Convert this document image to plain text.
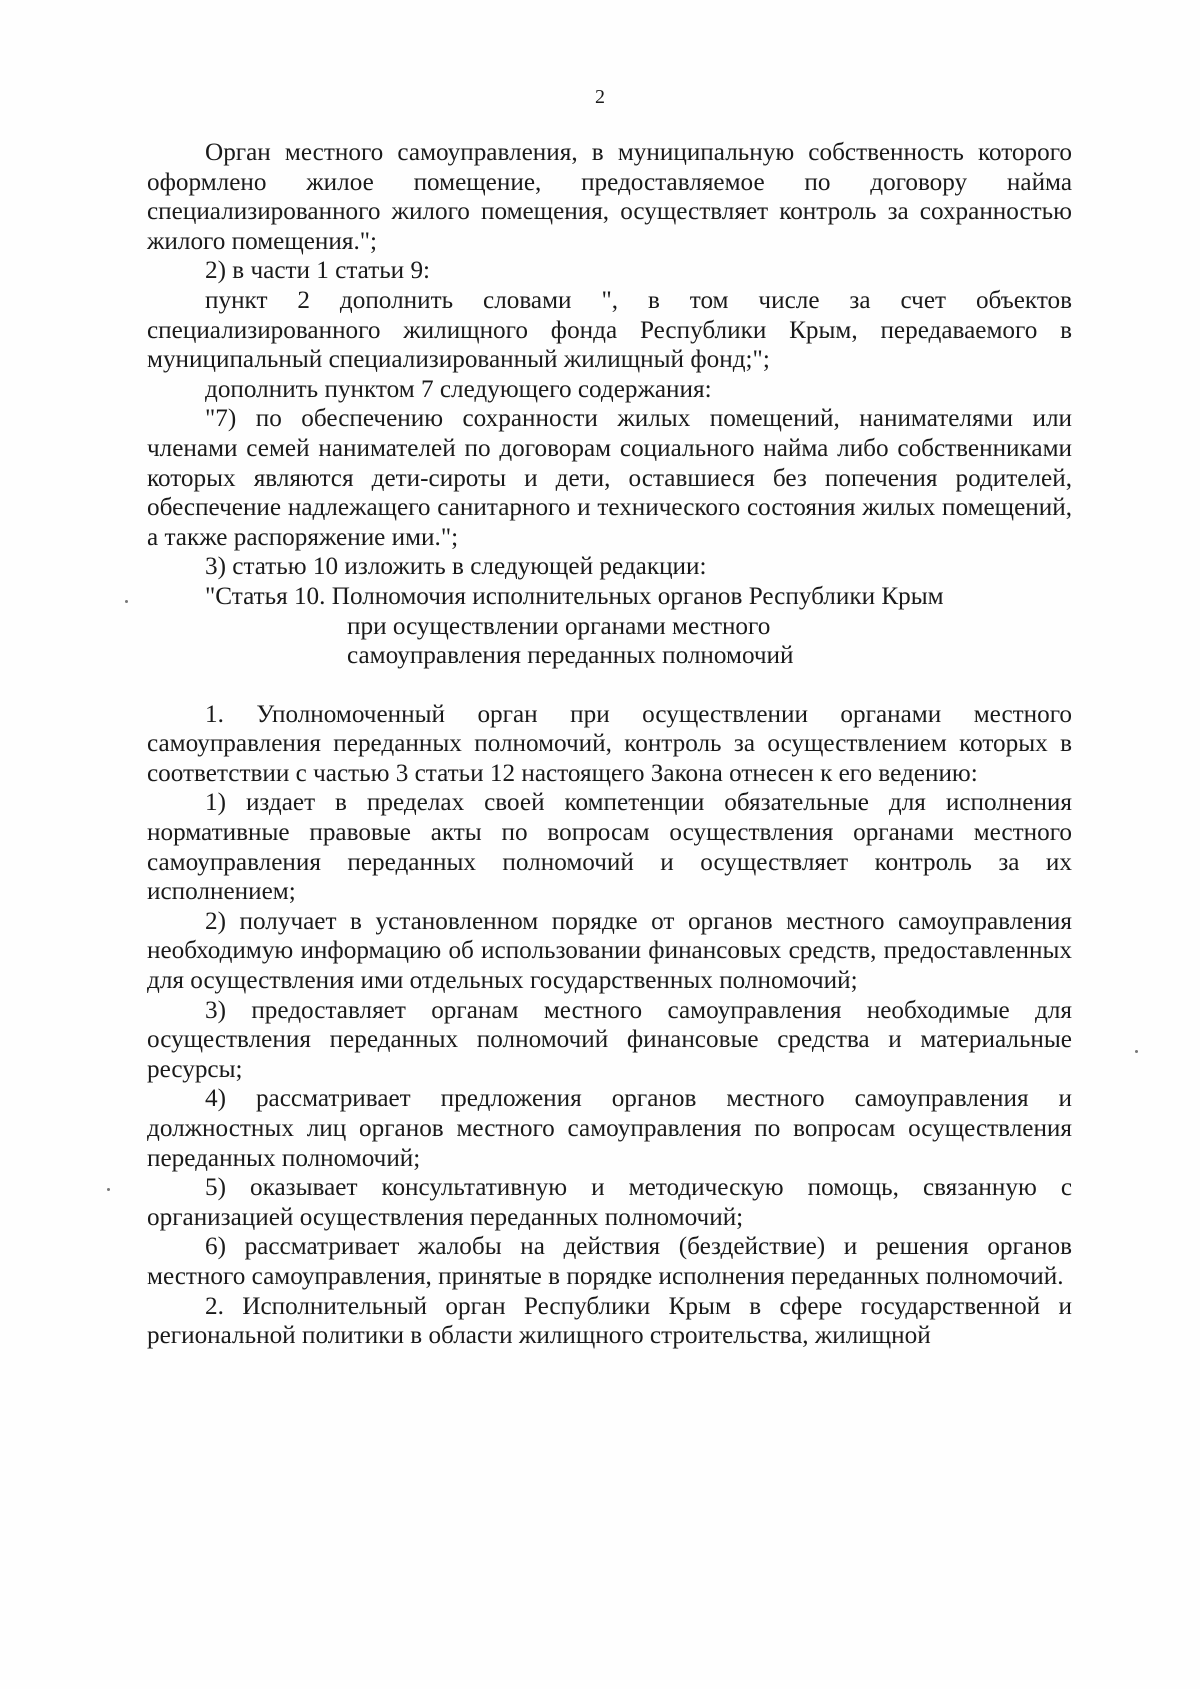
2

Орган местного самоуправления, в муниципальную собственность которого оформлено жилое помещение, предоставляемое по договору найма специализированного жилого помещения, осуществляет контроль за сохранностью жилого помещения.";

2) в части 1 статьи 9:

пункт 2 дополнить словами ", в том числе за счет объектов специализированного жилищного фонда Республики Крым, передаваемого в муниципальный специализированный жилищный фонд;";

дополнить пунктом 7 следующего содержания:

"7) по обеспечению сохранности жилых помещений, нанимателями или членами семей нанимателей по договорам социального найма либо собственниками которых являются дети-сироты и дети, оставшиеся без попечения родителей, обеспечение надлежащего санитарного и технического состояния жилых помещений, а также распоряжение ими.";

3) статью 10 изложить в следующей редакции:

"Статья 10. Полномочия исполнительных органов Республики Крым
при осуществлении органами местного
самоуправления переданных полномочий

1. Уполномоченный орган при осуществлении органами местного самоуправления переданных полномочий, контроль за осуществлением которых в соответствии с частью 3 статьи 12 настоящего Закона отнесен к его ведению:

1) издает в пределах своей компетенции обязательные для исполнения нормативные правовые акты по вопросам осуществления органами местного самоуправления переданных полномочий и осуществляет контроль за их исполнением;

2) получает в установленном порядке от органов местного самоуправления необходимую информацию об использовании финансовых средств, предоставленных для осуществления ими отдельных государственных полномочий;

3) предоставляет органам местного самоуправления необходимые для осуществления переданных полномочий финансовые средства и материальные ресурсы;

4) рассматривает предложения органов местного самоуправления и должностных лиц органов местного самоуправления по вопросам осуществления переданных полномочий;

5) оказывает консультативную и методическую помощь, связанную с организацией осуществления переданных полномочий;

6) рассматривает жалобы на действия (бездействие) и решения органов местного самоуправления, принятые в порядке исполнения переданных полномочий.

2. Исполнительный орган Республики Крым в сфере государственной и региональной политики в области жилищного строительства, жилищной
